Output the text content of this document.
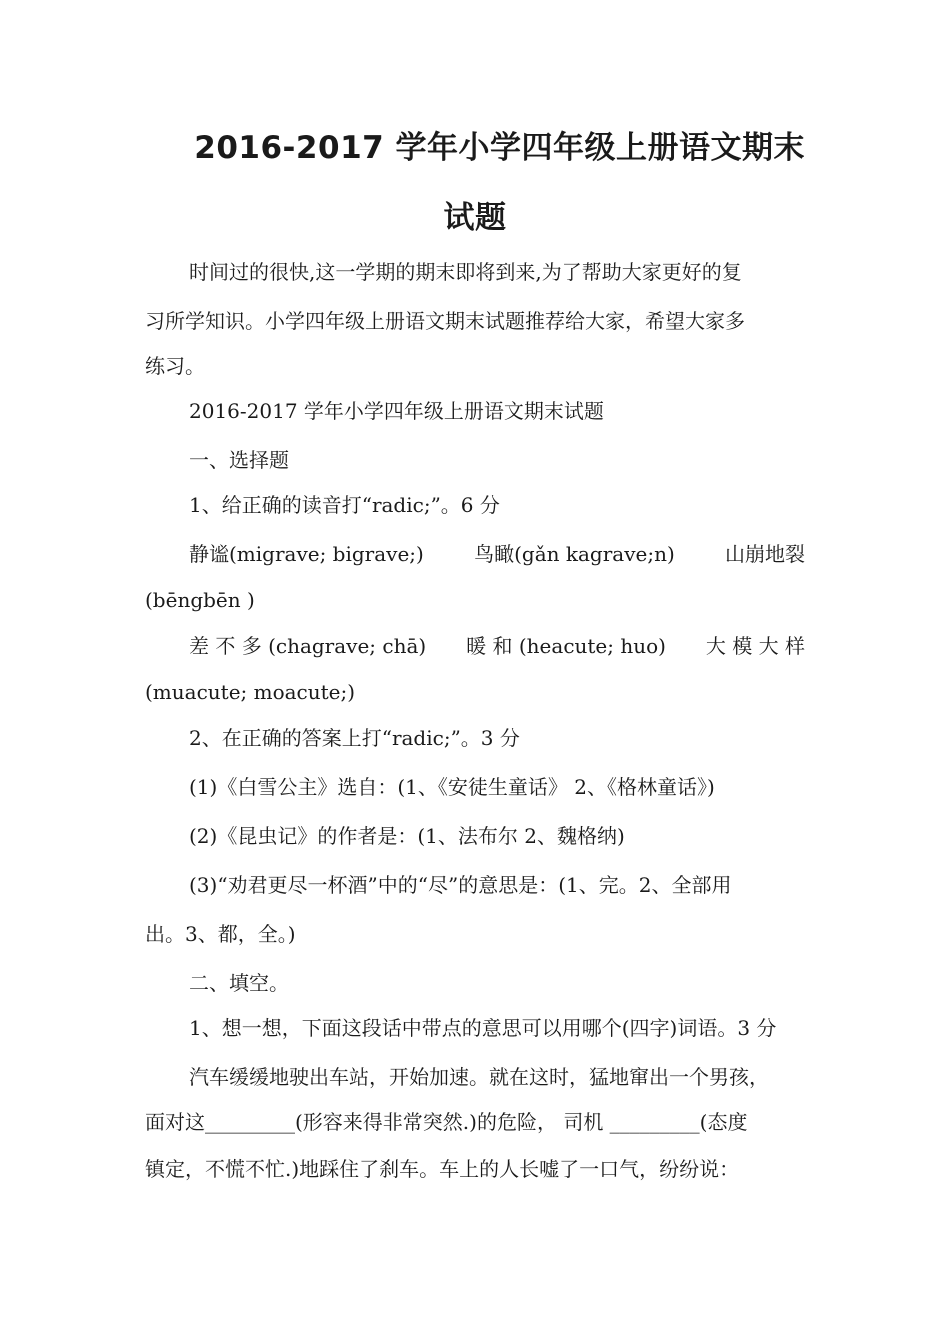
2016-2017 学年小学四年级上册语文期末
试题
时间过的很快,这一学期的期末即将到来,为了帮助大家更好的复
习所学知识。小学四年级上册语文期末试题推荐给大家，希望大家多
练习。
2016-2017 学年小学四年级上册语文期末试题
一、选择题
1、给正确的读音打“radic;”。6 分
静谧(migrave; bigrave;)	鸟瞰(gǎn kagrave;n)	山崩地裂
(bēngbēn )
差 不 多 (chagrave; chā) 暖 和 (heacute; huo) 大 模 大 样
(muacute; moacute;)
2、在正确的答案上打“radic;”。3 分
(1)《白雪公主》选自：(1、《安徒生童话》 2、《格林童话》)
(2)《昆虫记》的作者是：(1、法布尔 2、魏格纳)
(3)“劝君更尽一杯酒”中的“尽”的意思是：(1、完。2、全部用
出。3、都，全。)
二、填空。
1、想一想，下面这段话中带点的意思可以用哪个(四字)词语。3 分
汽车缓缓地驶出车站，开始加速。就在这时，猛地窜出一个男孩，
面对这_________(形容来得非常突然.)的危险， 司机 _________(态度
镇定，不慌不忙.)地踩住了刹车。车上的人长嘘了一口气，纷纷说：
